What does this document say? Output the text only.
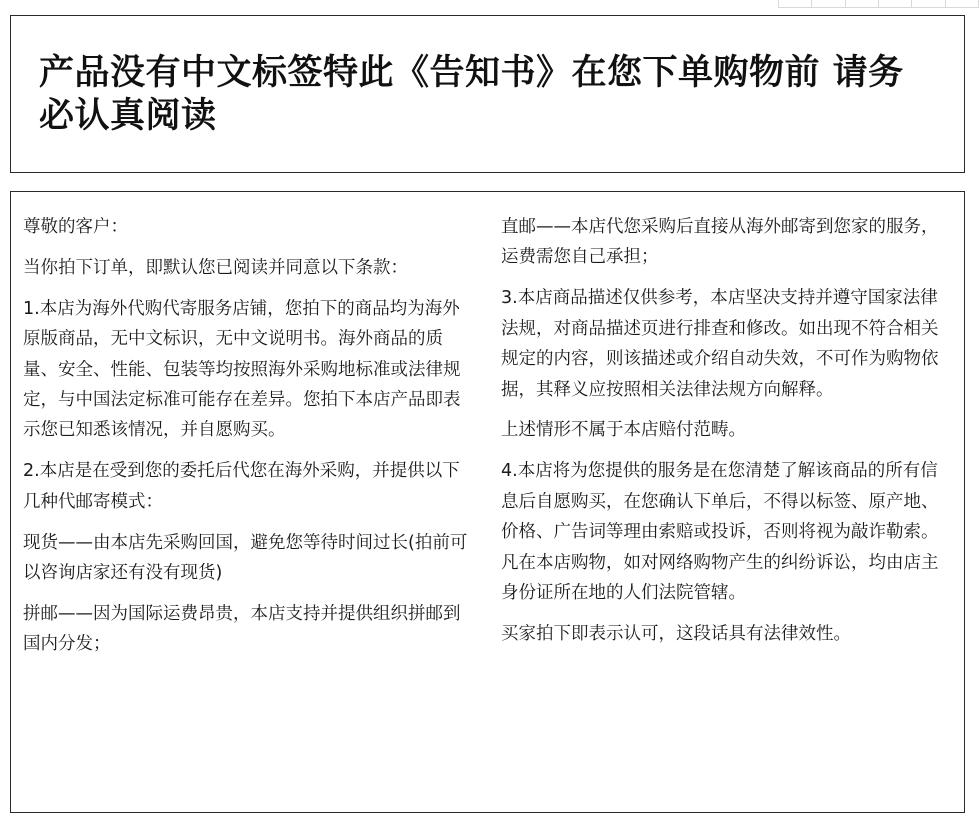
产品没有中文标签特此《告知书》在您下单购物前 请务必认真阅读

尊敬的客户：

当你拍下订单，即默认您已阅读并同意以下条款：

1.本店为海外代购代寄服务店铺，您拍下的商品均为海外原版商品，无中文标识，无中文说明书。海外商品的质量、安全、性能、包装等均按照海外采购地标准或法律规定，与中国法定标准可能存在差异。您拍下本店产品即表示您已知悉该情况，并自愿购买。

2.本店是在受到您的委托后代您在海外采购，并提供以下几种代邮寄模式：

现货——由本店先采购回国，避免您等待时间过长(拍前可以咨询店家还有没有现货)

拼邮——因为国际运费昂贵，本店支持并提供组织拼邮到国内分发；

直邮——本店代您采购后直接从海外邮寄到您家的服务，运费需您自己承担；

3.本店商品描述仅供参考，本店坚决支持并遵守国家法律法规，对商品描述页进行排查和修改。如出现不符合相关规定的内容，则该描述或介绍自动失效，不可作为购物依据，其释义应按照相关法律法规方向解释。

上述情形不属于本店赔付范畴。

4.本店将为您提供的服务是在您清楚了解该商品的所有信息后自愿购买，在您确认下单后，不得以标签、原产地、价格、广告词等理由索赔或投诉，否则将视为敲诈勒索。凡在本店购物，如对网络购物产生的纠纷诉讼，均由店主身份证所在地的人们法院管辖。

买家拍下即表示认可，这段话具有法律效性。
